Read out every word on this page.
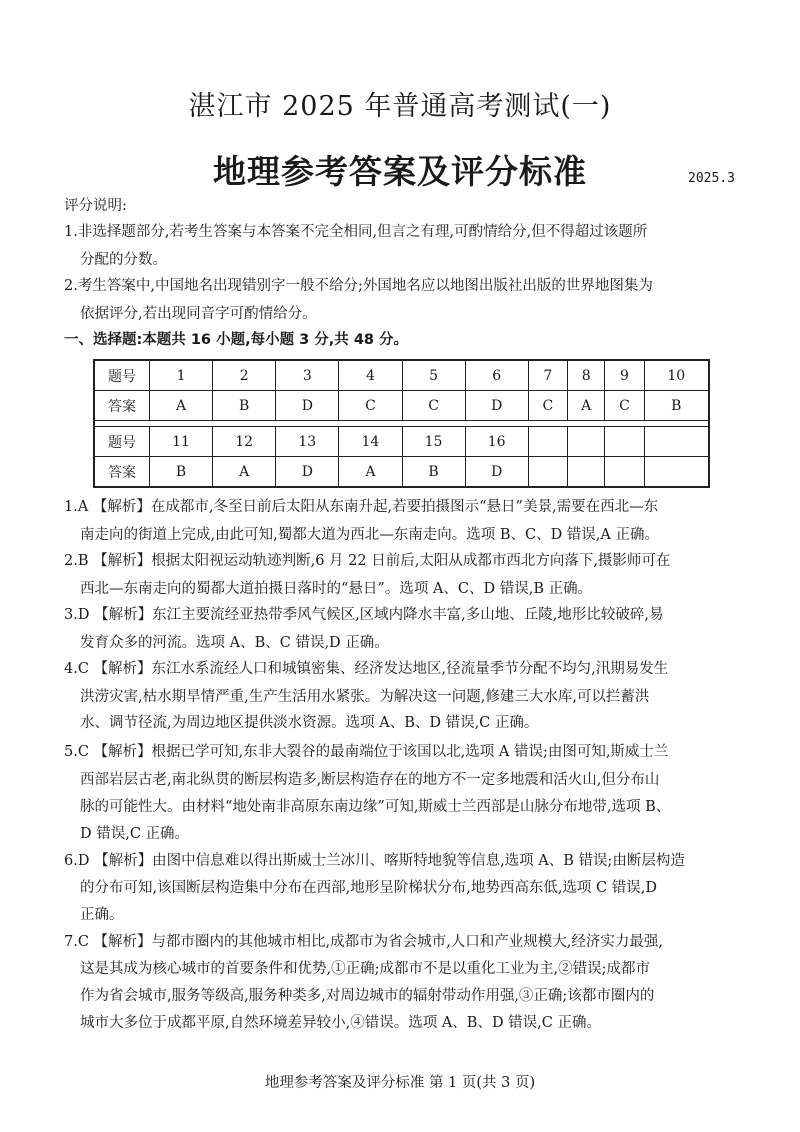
湛江市 2025 年普通高考测试(一)
地理参考答案及评分标准	2025.3
评分说明:
1.非选择题部分,若考生答案与本答案不完全相同,但言之有理,可酌情给分,但不得超过该题所
分配的分数。
2.考生答案中,中国地名出现错别字一般不给分;外国地名应以地图出版社出版的世界地图集为
依据评分,若出现同音字可酌情给分。
一、选择题:本题共 16 小题,每小题 3 分,共 48 分。
题号	1	2	3	4	5	6	7	8	9	10
答案	A	B	D	C	C	D	C	A	C	B

题号	11	12	13	14	15	16				
答案	B	A	D	A	B	D				
1.A 【解析】在成都市,冬至日前后太阳从东南升起,若要拍摄图示“悬日”美景,需要在西北—东
南走向的街道上完成,由此可知,蜀都大道为西北—东南走向。选项 B、C、D 错误,A 正确。
2.B 【解析】根据太阳视运动轨迹判断,6 月 22 日前后,太阳从成都市西北方向落下,摄影师可在
西北—东南走向的蜀都大道拍摄日落时的“悬日”。选项 A、C、D 错误,B 正确。
3.D 【解析】东江主要流经亚热带季风气候区,区域内降水丰富,多山地、丘陵,地形比较破碎,易
发育众多的河流。选项 A、B、C 错误,D 正确。
4.C 【解析】东江水系流经人口和城镇密集、经济发达地区,径流量季节分配不均匀,汛期易发生
洪涝灾害,枯水期旱情严重,生产生活用水紧张。为解决这一问题,修建三大水库,可以拦蓄洪
水、调节径流,为周边地区提供淡水资源。选项 A、B、D 错误,C 正确。
5.C 【解析】根据已学可知,东非大裂谷的最南端位于该国以北,选项 A 错误;由图可知,斯威士兰
西部岩层古老,南北纵贯的断层构造多,断层构造存在的地方不一定多地震和活火山,但分布山
脉的可能性大。由材料“地处南非高原东南边缘”可知,斯威士兰西部是山脉分布地带,选项 B、
D 错误,C 正确。
6.D 【解析】由图中信息难以得出斯威士兰冰川、喀斯特地貌等信息,选项 A、B 错误;由断层构造
的分布可知,该国断层构造集中分布在西部,地形呈阶梯状分布,地势西高东低,选项 C 错误,D
正确。
7.C 【解析】与都市圈内的其他城市相比,成都市为省会城市,人口和产业规模大,经济实力最强,
这是其成为核心城市的首要条件和优势,①正确;成都市不是以重化工业为主,②错误;成都市
作为省会城市,服务等级高,服务种类多,对周边城市的辐射带动作用强,③正确;该都市圈内的
城市大多位于成都平原,自然环境差异较小,④错误。选项 A、B、D 错误,C 正确。
地理参考答案及评分标准 第 1 页(共 3 页)
